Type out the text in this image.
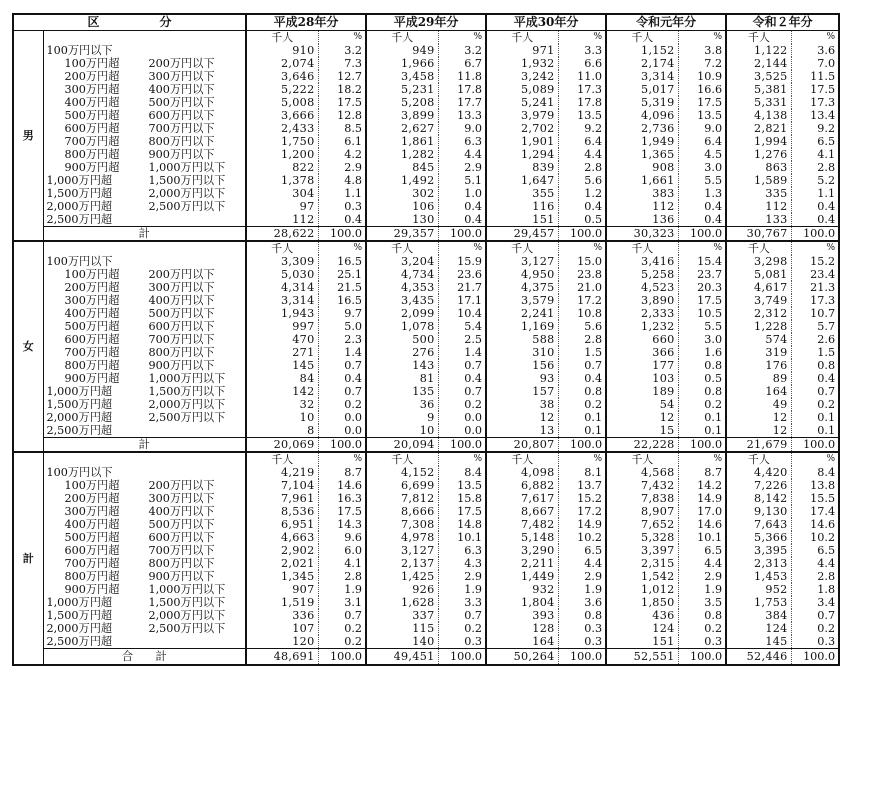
区　　　　　分		平成28年分		平成29年分		平成30年分		令和元年分		令和２年分	
男		千人	%	千人	%	千人	%	千人	%	千人	%
	100万円以下	910	3.2	949	3.2	971	3.3	1,152	3.8	1,122	3.6
	100万円超 200万円以下	2,074	7.3	1,966	6.7	1,932	6.6	2,174	7.2	2,144	7.0
	200万円超 300万円以下	3,646	12.7	3,458	11.8	3,242	11.0	3,314	10.9	3,525	11.5
	300万円超 400万円以下	5,222	18.2	5,231	17.8	5,089	17.3	5,017	16.6	5,381	17.5
	400万円超 500万円以下	5,008	17.5	5,208	17.7	5,241	17.8	5,319	17.5	5,331	17.3
	500万円超 600万円以下	3,666	12.8	3,899	13.3	3,979	13.5	4,096	13.5	4,138	13.4
	600万円超 700万円以下	2,433	8.5	2,627	9.0	2,702	9.2	2,736	9.0	2,821	9.2
	700万円超 800万円以下	1,750	6.1	1,861	6.3	1,901	6.4	1,949	6.4	1,994	6.5
	800万円超 900万円以下	1,200	4.2	1,282	4.4	1,294	4.4	1,365	4.5	1,276	4.1
	900万円超 1,000万円以下	822	2.9	845	2.9	839	2.8	908	3.0	863	2.8
	1,000万円超 1,500万円以下	1,378	4.8	1,492	5.1	1,647	5.6	1,661	5.5	1,589	5.2
	1,500万円超 2,000万円以下	304	1.1	302	1.0	355	1.2	383	1.3	335	1.1
	2,000万円超 2,500万円以下	97	0.3	106	0.4	116	0.4	112	0.4	112	0.4
	2,500万円超	112	0.4	130	0.4	151	0.5	136	0.4	133	0.4
	計	28,622	100.0	29,357	100.0	29,457	100.0	30,323	100.0	30,767	100.0
女		千人	%	千人	%	千人	%	千人	%	千人	%
	100万円以下	3,309	16.5	3,204	15.9	3,127	15.0	3,416	15.4	3,298	15.2
	100万円超 200万円以下	5,030	25.1	4,734	23.6	4,950	23.8	5,258	23.7	5,081	23.4
	200万円超 300万円以下	4,314	21.5	4,353	21.7	4,375	21.0	4,523	20.3	4,617	21.3
	300万円超 400万円以下	3,314	16.5	3,435	17.1	3,579	17.2	3,890	17.5	3,749	17.3
	400万円超 500万円以下	1,943	9.7	2,099	10.4	2,241	10.8	2,333	10.5	2,312	10.7
	500万円超 600万円以下	997	5.0	1,078	5.4	1,169	5.6	1,232	5.5	1,228	5.7
	600万円超 700万円以下	470	2.3	500	2.5	588	2.8	660	3.0	574	2.6
	700万円超 800万円以下	271	1.4	276	1.4	310	1.5	366	1.6	319	1.5
	800万円超 900万円以下	145	0.7	143	0.7	156	0.7	177	0.8	176	0.8
	900万円超 1,000万円以下	84	0.4	81	0.4	93	0.4	103	0.5	89	0.4
	1,000万円超 1,500万円以下	142	0.7	135	0.7	157	0.8	189	0.8	164	0.7
	1,500万円超 2,000万円以下	32	0.2	36	0.2	38	0.2	54	0.2	49	0.2
	2,000万円超 2,500万円以下	10	0.0	9	0.0	12	0.1	12	0.1	12	0.1
	2,500万円超	8	0.0	10	0.0	13	0.1	15	0.1	12	0.1
	計	20,069	100.0	20,094	100.0	20,807	100.0	22,228	100.0	21,679	100.0
計		千人	%	千人	%	千人	%	千人	%	千人	%
	100万円以下	4,219	8.7	4,152	8.4	4,098	8.1	4,568	8.7	4,420	8.4
	100万円超 200万円以下	7,104	14.6	6,699	13.5	6,882	13.7	7,432	14.2	7,226	13.8
	200万円超 300万円以下	7,961	16.3	7,812	15.8	7,617	15.2	7,838	14.9	8,142	15.5
	300万円超 400万円以下	8,536	17.5	8,666	17.5	8,667	17.2	8,907	17.0	9,130	17.4
	400万円超 500万円以下	6,951	14.3	7,308	14.8	7,482	14.9	7,652	14.6	7,643	14.6
	500万円超 600万円以下	4,663	9.6	4,978	10.1	5,148	10.2	5,328	10.1	5,366	10.2
	600万円超 700万円以下	2,902	6.0	3,127	6.3	3,290	6.5	3,397	6.5	3,395	6.5
	700万円超 800万円以下	2,021	4.1	2,137	4.3	2,211	4.4	2,315	4.4	2,313	4.4
	800万円超 900万円以下	1,345	2.8	1,425	2.9	1,449	2.9	1,542	2.9	1,453	2.8
	900万円超 1,000万円以下	907	1.9	926	1.9	932	1.9	1,012	1.9	952	1.8
	1,000万円超 1,500万円以下	1,519	3.1	1,628	3.3	1,804	3.6	1,850	3.5	1,753	3.4
	1,500万円超 2,000万円以下	336	0.7	337	0.7	393	0.8	436	0.8	384	0.7
	2,000万円超 2,500万円以下	107	0.2	115	0.2	128	0.3	124	0.2	124	0.2
	2,500万円超	120	0.2	140	0.3	164	0.3	151	0.3	145	0.3
	合　　計	48,691	100.0	49,451	100.0	50,264	100.0	52,551	100.0	52,446	100.0
